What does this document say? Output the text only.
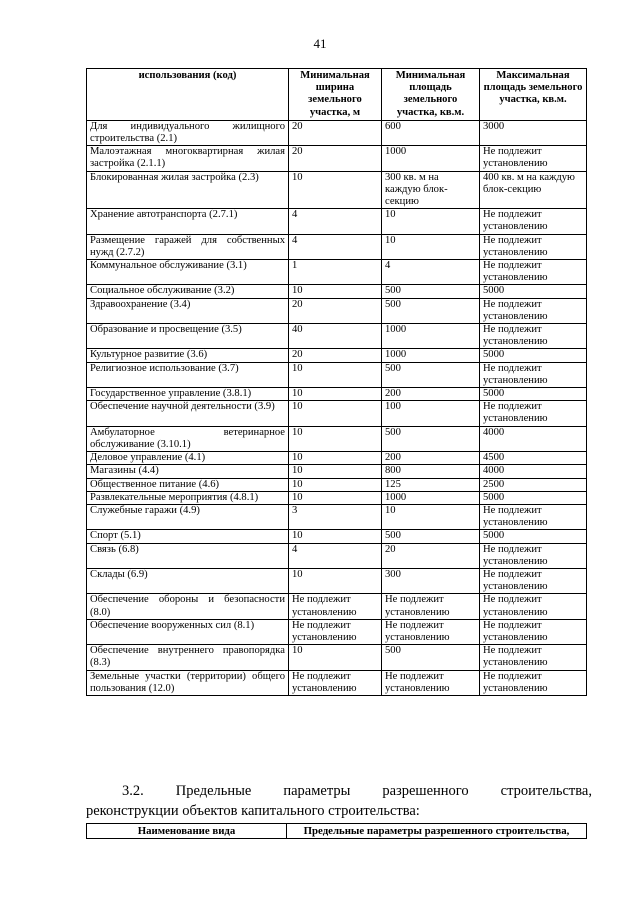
41
использования (код)	Минимальная ширина земельного участка, м	Минимальная площадь земельного участка, кв.м.	Максимальная площадь земельного участка, кв.м.
Для индивидуального жилищного строительства (2.1)	20	600	3000
Малоэтажная многоквартирная жилая застройка (2.1.1)	20	1000	Не подлежит установлению
Блокированная жилая застройка (2.3)	10	300 кв. м на каждую блок-секцию	400 кв. м на каждую блок-секцию
Хранение автотранспорта (2.7.1)	4	10	Не подлежит установлению
Размещение гаражей для собственных нужд (2.7.2)	4	10	Не подлежит установлению
Коммунальное обслуживание (3.1)	1	4	Не подлежит установлению
Социальное обслуживание (3.2)	10	500	5000
Здравоохранение (3.4)	20	500	Не подлежит установлению
Образование и просвещение (3.5)	40	1000	Не подлежит установлению
Культурное развитие (3.6)	20	1000	5000
Религиозное использование (3.7)	10	500	Не подлежит установлению
Государственное управление (3.8.1)	10	200	5000
Обеспечение научной деятельности (3.9)	10	100	Не подлежит установлению
Амбулаторное ветеринарное обслуживание (3.10.1)	10	500	4000
Деловое управление (4.1)	10	200	4500
Магазины (4.4)	10	800	4000
Общественное питание (4.6)	10	125	2500
Развлекательные мероприятия (4.8.1)	10	1000	5000
Служебные гаражи (4.9)	3	10	Не подлежит установлению
Спорт (5.1)	10	500	5000
Связь (6.8)	4	20	Не подлежит установлению
Склады (6.9)	10	300	Не подлежит установлению
Обеспечение обороны и безопасности (8.0)	Не подлежит установлению	Не подлежит установлению	Не подлежит установлению
Обеспечение вооруженных сил (8.1)	Не подлежит установлению	Не подлежит установлению	Не подлежит установлению
Обеспечение внутреннего правопорядка (8.3)	10	500	Не подлежит установлению
Земельные участки (территории) общего пользования (12.0)	Не подлежит установлению	Не подлежит установлению	Не подлежит установлению
3.2. Предельные параметры разрешенного строительства,
реконструкции объектов капитального строительства:
Наименование вида	Предельные параметры разрешенного строительства,
